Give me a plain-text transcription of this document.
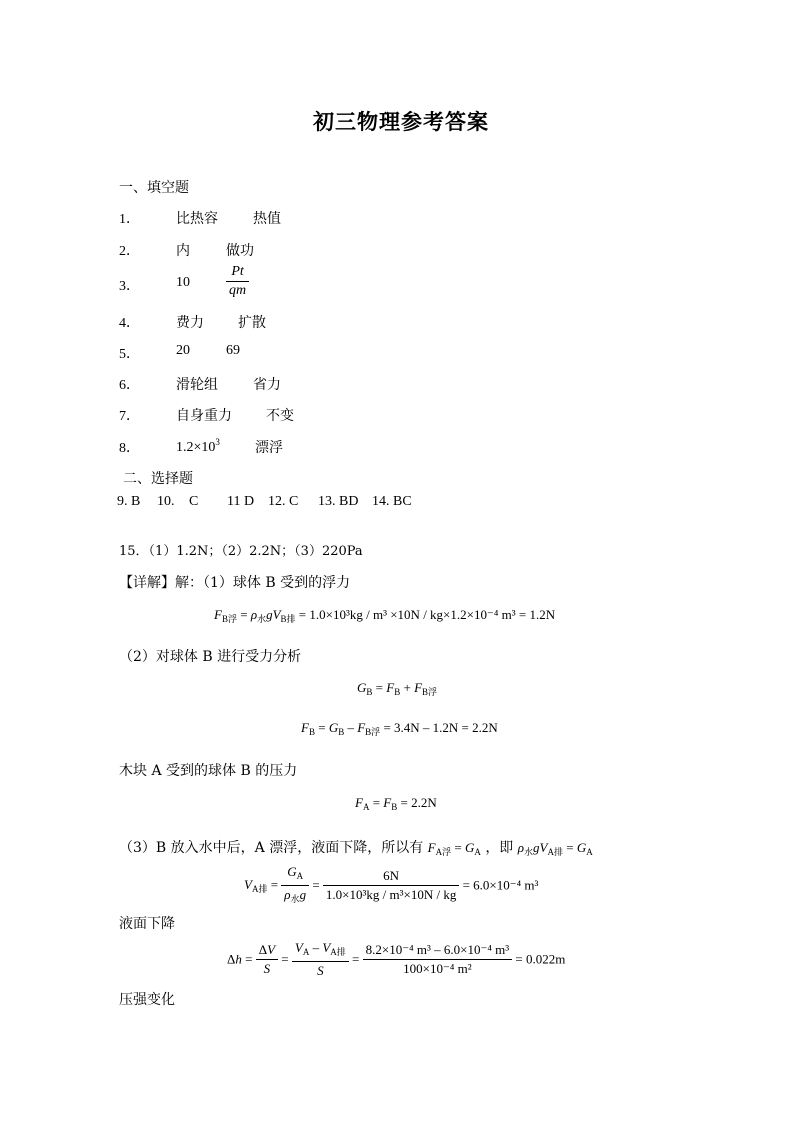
初三物理参考答案
一、填空题
1．	比热容	热值
2．	内	做功
3．	10	$\frac{Pt}{qm}$
4．	费力 扩散
5．	20	69
6．	滑轮组	省力
7．	自身重力 不变
8．	$1.2\times 10^3$	漂浮
二、选择题
9. B 10. C 11 D 12. C 13. BD 14. BC
15．（1）1.2N；（2）2.2N；（3）220Pa
【详解】解：（1）球体 B 受到的浮力
$F_{B浮} = \rho_水gV_{B排} = 1.0\times 10^3kg / m^3 \times 10N / kg\times 1.2\times 10^{-4}$ m³ = 1.2N
（2）对球体 B 进行受力分析
$G_B = F_B + F_{B浮}$
$F_B = G_B - F_{B浮} = 3.4N - 1.2N = 2.2N$
木块 A 受到的球体 B 的压力
$F_A = F_B = 2.2N$
（3）B 放入水中后，A 漂浮，液面下降，所以有 $F_{A浮} = G_A$ ，即 $\rho_水gV_{A排} = G_A$
$V_{A排} = \frac{G_A}{\rho_水g} = \frac{6N}{\text{1.0×10³kg / m³×10N / kg}} = 6.0\times 10^{-4}$ m³
液面下降
$\Delta h = \frac{\Delta V}{S} = \frac{V_A - V_{A排}}{S} = \frac{\text{8.2×10⁻⁴ m³ – 6.0×10⁻⁴ m³}}{\text{100×10⁻⁴ m²}} = 0.022m$
压强变化
